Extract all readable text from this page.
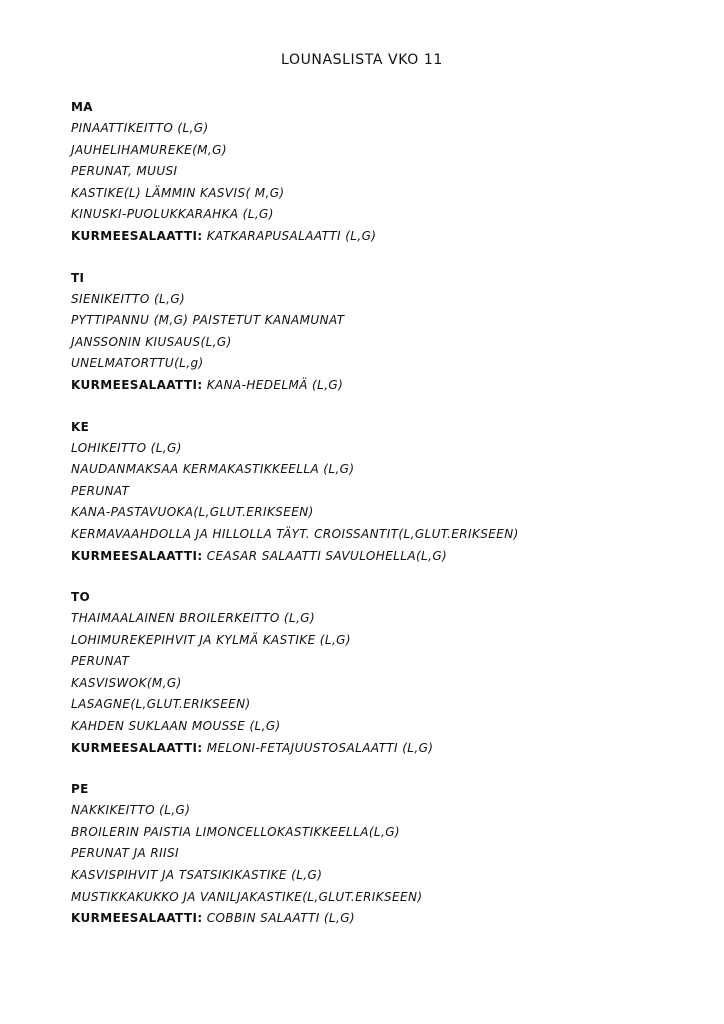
LOUNASLISTA VKO 11
MA
PINAATTIKEITTO (L,G)
JAUHELIHAMUREKE(M,G)
PERUNAT, MUUSI
KASTIKE(L) LÄMMIN KASVIS( M,G)
KINUSKI-PUOLUKKARAHKA (L,G)
KURMEESALAATTI: KATKARAPUSALAATTI (L,G)
TI
SIENIKEITTO (L,G)
PYTTIPANNU (M,G) PAISTETUT KANAMUNAT
JANSSONIN KIUSAUS(L,G)
UNELMATORTTU(L,g)
KURMEESALAATTI: KANA-HEDELMÄ (L,G)
KE
LOHIKEITTO (L,G)
NAUDANMAKSAA KERMAKASTIKKEELLA (L,G)
PERUNAT
KANA-PASTAVUOKA(L,GLUT.ERIKSEEN)
KERMAVAAHDOLLA JA HILLOLLA TÄYT. CROISSANTIT(L,GLUT.ERIKSEEN)
KURMEESALAATTI: CEASAR SALAATTI SAVULOHELLA(L,G)
TO
THAIMAALAINEN BROILERKEITTO (L,G)
LOHIMUREKEPIHVIT JA KYLMÄ KASTIKE (L,G)
PERUNAT
KASVISWOK(M,G)
LASAGNE(L,GLUT.ERIKSEEN)
KAHDEN SUKLAAN MOUSSE (L,G)
KURMEESALAATTI: MELONI-FETAJUUSTOSALAATTI (L,G)
PE
NAKKIKEITTO (L,G)
BROILERIN PAISTIA LIMONCELLOKASTIKKEELLA(L,G)
PERUNAT JA RIISI
KASVISPIHVIT JA TSATSIKIKASTIKE (L,G)
MUSTIKKAKUKKO JA VANILJAKASTIKE(L,GLUT.ERIKSEEN)
KURMEESALAATTI: COBBIN SALAATTI (L,G)
